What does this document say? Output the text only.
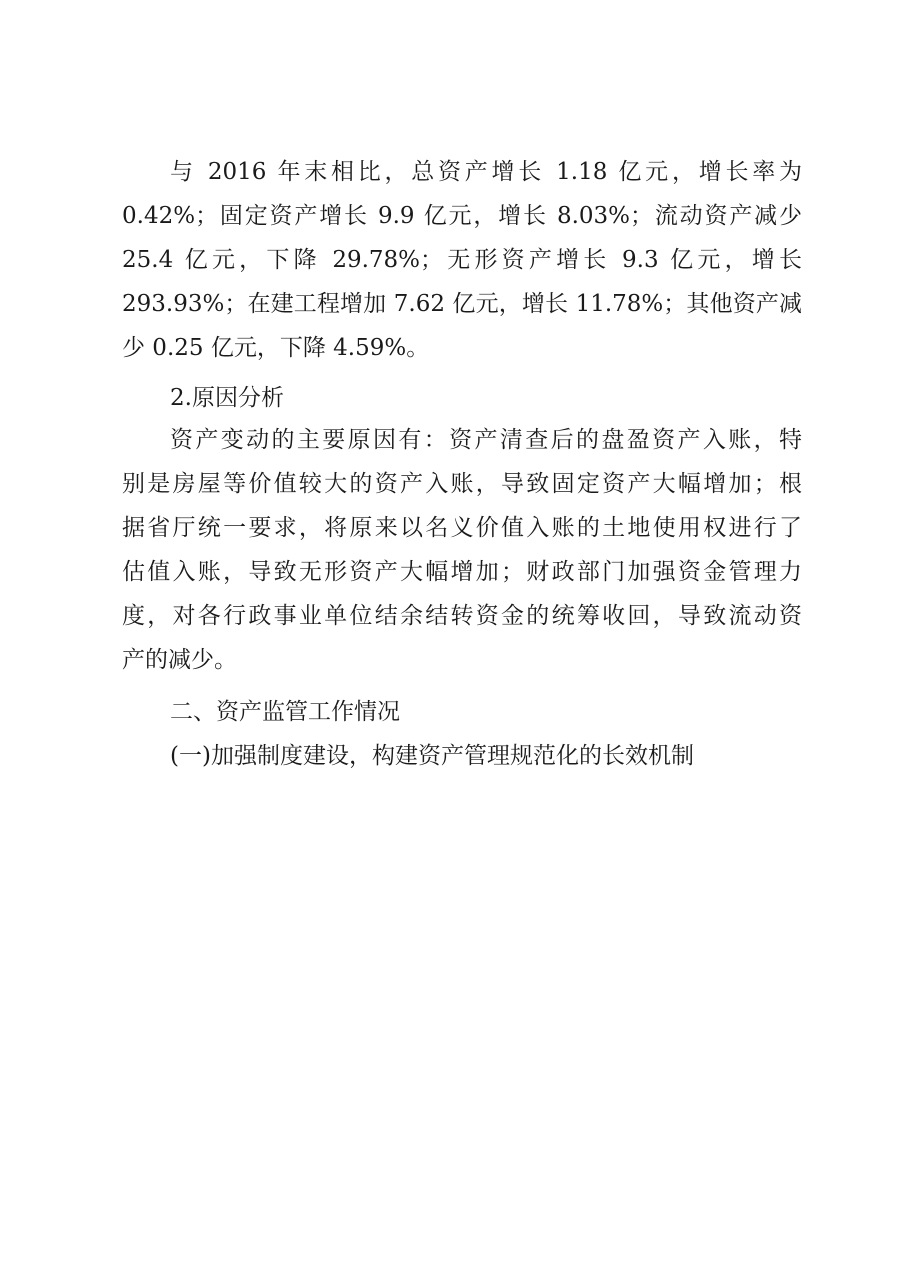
与 2016 年末相比，总资产增长 1.18 亿元，增长率为
0.42%；固定资产增长 9.9 亿元，增长 8.03%；流动资产减少
25.4 亿元，下降 29.78%；无形资产增长 9.3 亿元，增长
293.93%；在建工程增加 7.62 亿元，增长 11.78%；其他资产减
少 0.25 亿元，下降 4.59%。
2.原因分析
资产变动的主要原因有：资产清查后的盘盈资产入账，特
别是房屋等价值较大的资产入账，导致固定资产大幅增加；根
据省厅统一要求，将原来以名义价值入账的土地使用权进行了
估值入账，导致无形资产大幅增加；财政部门加强资金管理力
度，对各行政事业单位结余结转资金的统筹收回，导致流动资
产的减少。
二、资产监管工作情况
(一)加强制度建设，构建资产管理规范化的长效机制
